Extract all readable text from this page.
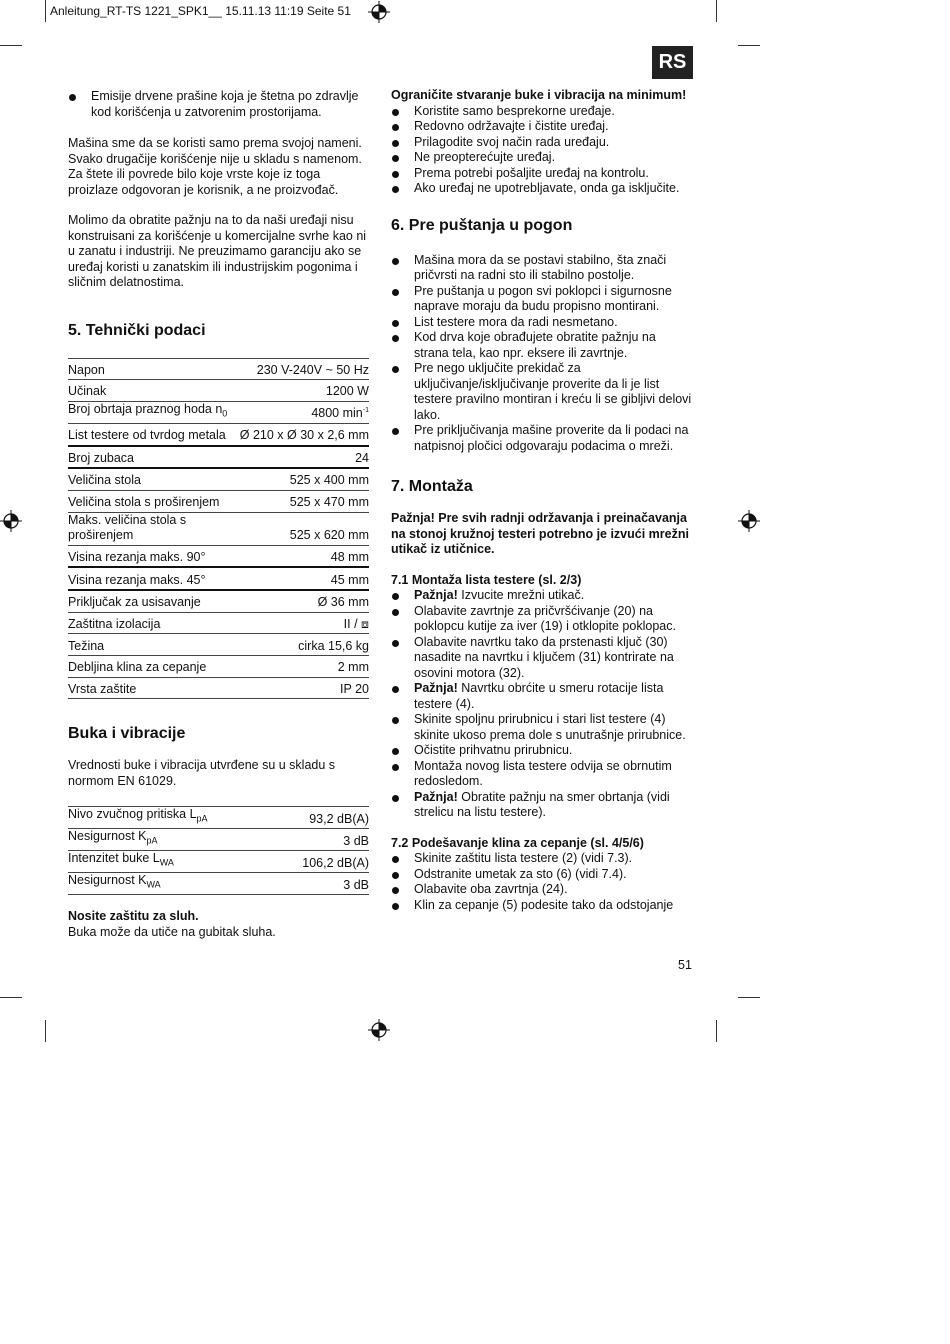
Anleitung_RT-TS 1221_SPK1__ 15.11.13 11:19 Seite 51
RS
Emisije drvene prašine koja je štetna po zdravlje kod korišćenja u zatvorenim prostorijama.

Mašina sme da se koristi samo prema svojoj nameni. Svako drugačije korišćenje nije u skladu s namenom. Za štete ili povrede bilo koje vrste koje iz toga proizlaze odgovoran je korisnik, a ne proizvođač.

Molimo da obratite pažnju na to da naši uređaji nisu konstruisani za korišćenje u komercijalne svrhe kao ni u zanatu i industriji. Ne preuzimamo garanciju ako se uređaj koristi u zanatskim ili industrijskim pogonima i sličnim delatnostima.

5. Tehnički podaci
Napon	230 V-240V ~ 50 Hz
Učinak	1200 W
Broj obrtaja praznog hoda $n_0$	4800 $\min^{-1}$
List testere od tvrdog metala	Ø 210 x Ø 30 x 2,6 mm
Broj zubaca	24
Veličina stola	525 x 400 mm
Veličina stola s proširenjem	525 x 470 mm
Maks. veličina stola s proširenjem	525 x 620 mm
Visina rezanja maks. 90°	48 mm
Visina rezanja maks. 45°	45 mm
Priključak za usisavanje	Ø 36 mm
Zaštitna izolacija	II / ⧈
Težina	cirka 15,6 kg
Debljina klina za cepanje	2 mm
Vrsta zaštite	IP 20
Buka i vibracije

Vrednosti buke i vibracija utvrđene su u skladu s normom EN 61029.

Nivo zvučnog pritiska $L_{pA}$	93,2 dB(A)
Nesigurnost $K_{pA}$	3 dB
Intenzitet buke $L_{WA}$	106,2 dB(A)
Nesigurnost $K_{WA}$	3 dB
Nosite zaštitu za sluh.
Buka može da utiče na gubitak sluha.
Ograničite stvaranje buke i vibracija na minimum!
Koristite samo besprekorne uređaje.
Redovno održavajte i čistite uređaj.
Prilagodite svoj način rada uređaju.
Ne preopterećujte uređaj.
Prema potrebi pošaljite uređaj na kontrolu.
Ako uređaj ne upotrebljavate, onda ga isključite.
6. Pre puštanja u pogon
Mašina mora da se postavi stabilno, šta znači pričvrsti na radni sto ili stabilno postolje.
Pre puštanja u pogon svi poklopci i sigurnosne naprave moraju da budu propisno montirani.
List testere mora da radi nesmetano.
Kod drva koje obrađujete obratite pažnju na strana tela, kao npr. eksere ili zavrtnje.
Pre nego uključite prekidač za uključivanje/isključivanje proverite da li je list testere pravilno montiran i kreću li se gibljivi delovi lako.
Pre priključivanja mašine proverite da li podaci na natpisnoj pločici odgovaraju podacima o mreži.
7. Montaža
Pažnja! Pre svih radnji održavanja i preinačavanja na stonoj kružnoj testeri potrebno je izvući mrežni utikač iz utičnice.
7.1 Montaža lista testere (sl. 2/3)
Pažnja! Izvucite mrežni utikač.
Olabavite zavrtnje za pričvršćivanje (20) na poklopcu kutije za iver (19) i otklopite poklopac.
Olabavite navrtku tako da prstenasti ključ (30) nasadite na navrtku i ključem (31) kontrirate na osovini motora (32).
Pažnja! Navrtku obrćite u smeru rotacije lista testere (4).
Skinite spoljnu prirubnicu i stari list testere (4) skinite ukoso prema dole s unutrašnje prirubnice.
Očistite prihvatnu prirubnicu.
Montaža novog lista testere odvija se obrnutim redosledom.
Pažnja! Obratite pažnju na smer obrtanja (vidi strelicu na listu testere).
7.2 Podešavanje klina za cepanje (sl. 4/5/6)
Skinite zaštitu lista testere (2) (vidi 7.3).
Odstranite umetak za sto (6) (vidi 7.4).
Olabavite oba zavrtnja (24).
Klin za cepanje (5) podesite tako da odstojanje
51
